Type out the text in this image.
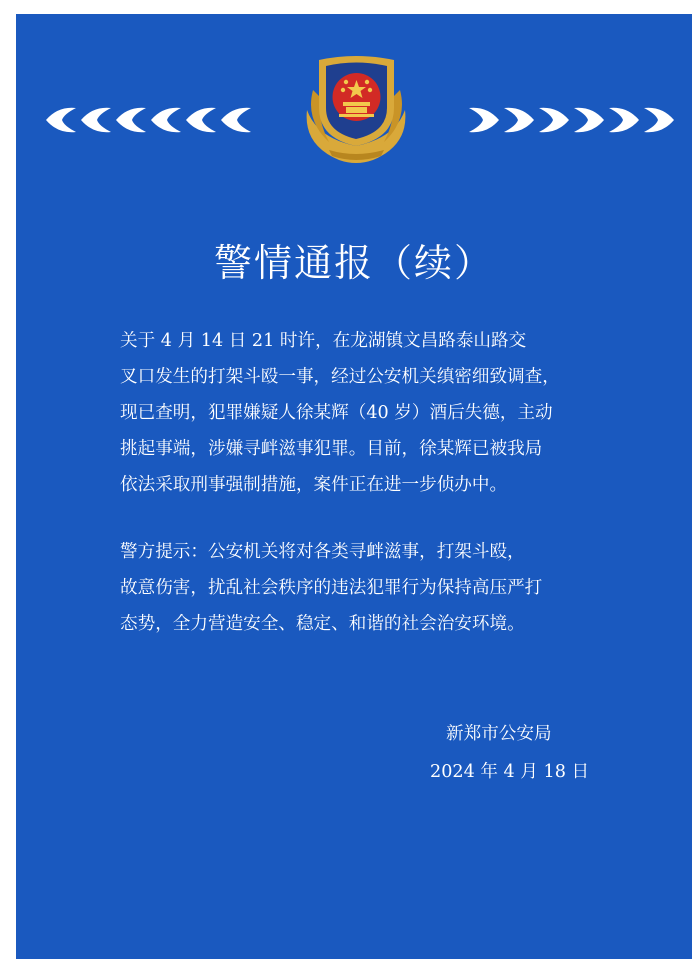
警情通报（续）
关于 4 月 14 日 21 时许，在龙湖镇文昌路泰山路交
叉口发生的打架斗殴一事，经过公安机关缜密细致调查，
现已查明，犯罪嫌疑人徐某辉（40 岁）酒后失德，主动
挑起事端，涉嫌寻衅滋事犯罪。目前，徐某辉已被我局
依法采取刑事强制措施，案件正在进一步侦办中。
警方提示：公安机关将对各类寻衅滋事，打架斗殴，
故意伤害，扰乱社会秩序的违法犯罪行为保持高压严打
态势，全力营造安全、稳定、和谐的社会治安环境。
新郑市公安局
2024 年 4 月 18 日
